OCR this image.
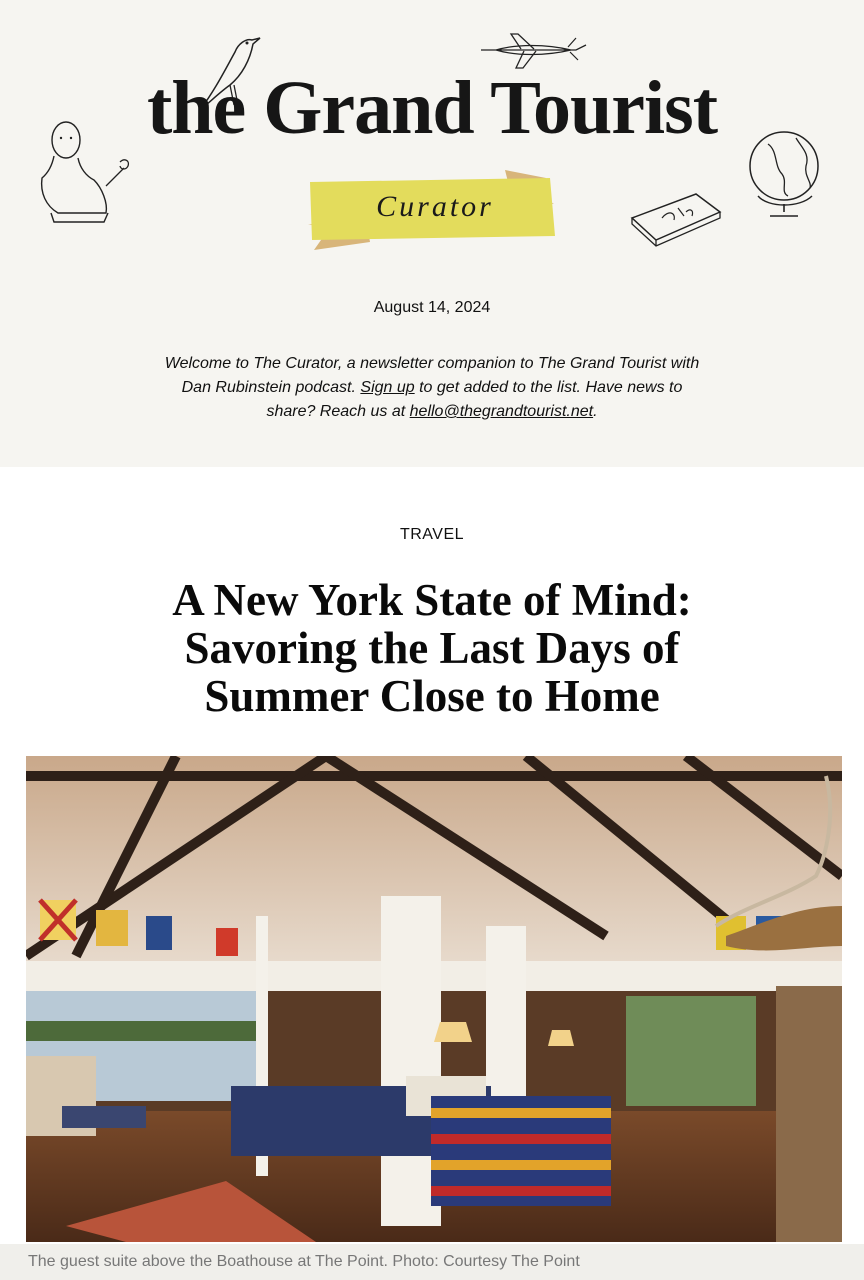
the Grand Tourist
Curator
August 14, 2024

Welcome to The Curator, a newsletter companion to The Grand Tourist with Dan Rubinstein podcast. Sign up to get added to the list. Have news to share? Reach us at hello@thegrandtourist.net.

TRAVEL
A New York State of Mind: Savoring the Last Days of Summer Close to Home
The guest suite above the Boathouse at The Point. Photo: Courtesy The Point
